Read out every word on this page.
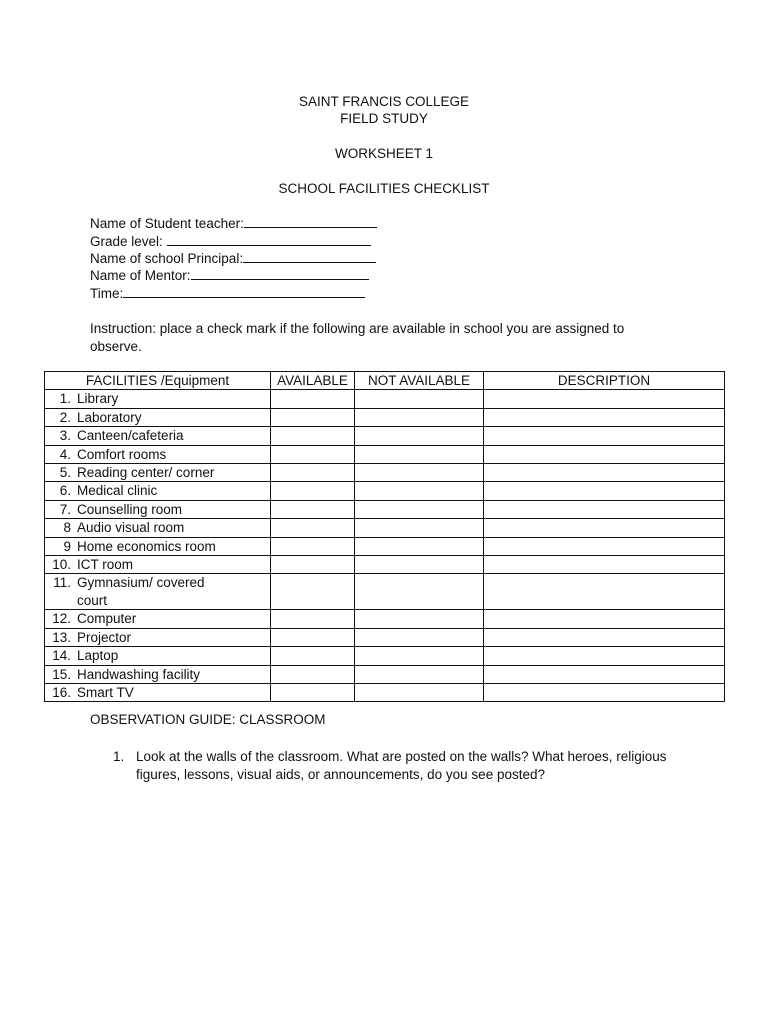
SAINT FRANCIS COLLEGE
FIELD STUDY
WORKSHEET 1
SCHOOL FACILITIES CHECKLIST
Name of Student teacher:
Grade level:
Name of school Principal:
Name of Mentor:
Time:
Instruction: place a check mark if the following are available in school you are assigned to observe.
FACILITIES /Equipment	AVAILABLE	NOT AVAILABLE	DESCRIPTION
1. Library			
2. Laboratory			
3. Canteen/cafeteria			
4. Comfort rooms			
5. Reading center/ corner			
6. Medical clinic			
7. Counselling room			
8 Audio visual room			
9 Home economics room			
10. ICT room			
11. Gymnasium/ covered court			
12. Computer			
13. Projector			
14. Laptop			
15. Handwashing facility			
16. Smart TV			
OBSERVATION GUIDE: CLASSROOM
1. Look at the walls of the classroom. What are posted on the walls? What heroes, religious figures, lessons, visual aids, or announcements, do you see posted?
